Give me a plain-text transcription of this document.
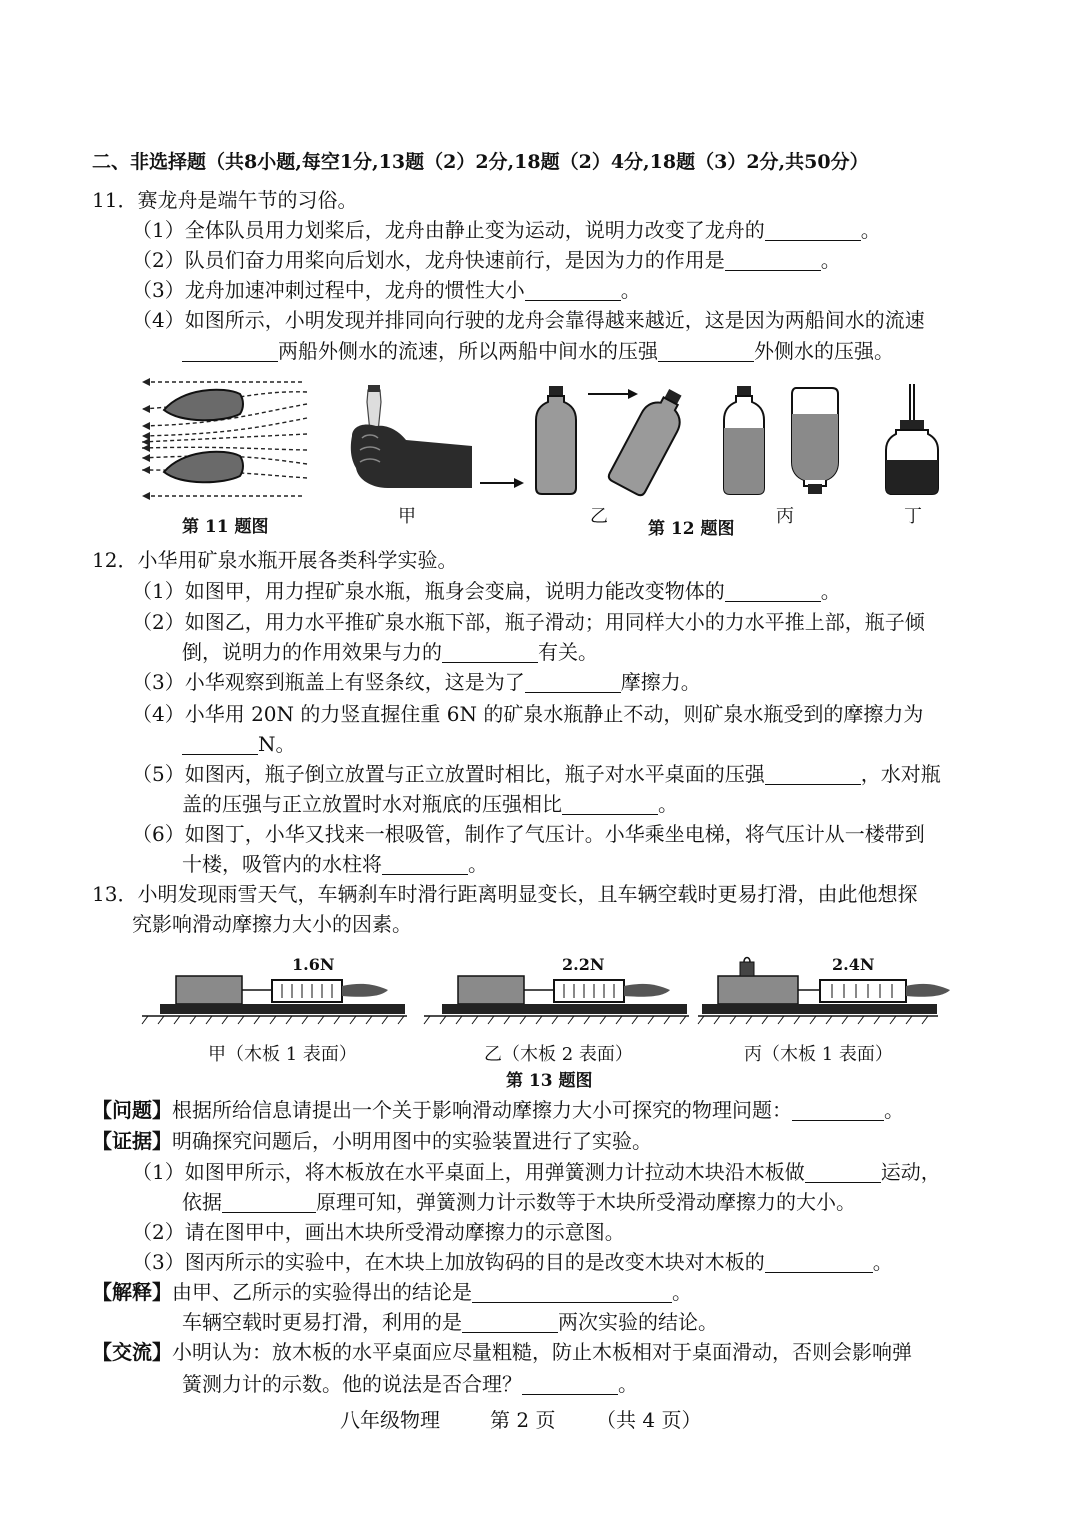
二、非选择题（共8小题,每空1分,13题（2）2分,18题（2）4分,18题（3）2分,共50分）
11．赛龙舟是端午节的习俗。
（1）全体队员用力划桨后，龙舟由静止变为运动，说明力改变了龙舟的	。
（2）队员们奋力用桨向后划水，龙舟快速前行，是因为力的作用是	。
（3）龙舟加速冲刺过程中，龙舟的惯性大小	。
（4）如图所示，小明发现并排同向行驶的龙舟会靠得越来越近，这是因为两船间水的流速
两船外侧水的流速，所以两船中间水的压强	外侧水的压强。
第 11 题图	甲	乙
第 12 题图
丙	丁
12．小华用矿泉水瓶开展各类科学实验。
（1）如图甲，用力捏矿泉水瓶，瓶身会变扁，说明力能改变物体的	。
（2）如图乙，用力水平推矿泉水瓶下部，瓶子滑动；用同样大小的力水平推上部，瓶子倾
倒，说明力的作用效果与力的	有关。
（3）小华观察到瓶盖上有竖条纹，这是为了	摩擦力。
（4）小华用 20N 的力竖直握住重 6N 的矿泉水瓶静止不动，则矿泉水瓶受到的摩擦力为
N。
（5）如图丙，瓶子倒立放置与正立放置时相比，瓶子对水平桌面的压强	，水对瓶
盖的压强与正立放置时水对瓶底的压强相比	。
（6）如图丁，小华又找来一根吸管，制作了气压计。小华乘坐电梯，将气压计从一楼带到
十楼，吸管内的水柱将	。
13．小明发现雨雪天气，车辆刹车时滑行距离明显变长，且车辆空载时更易打滑，由此他想探
究影响滑动摩擦力大小的因素。
1.6N	2.2N	2.4N
甲（木板 1 表面）	乙（木板 2 表面）	丙（木板 1 表面）
第 13 题图
【问题】根据所给信息请提出一个关于影响滑动摩擦力大小可探究的物理问题：	。
【证据】明确探究问题后，小明用图中的实验装置进行了实验。
（1）如图甲所示，将木板放在水平桌面上，用弹簧测力计拉动木块沿木板做	运动，
依据	原理可知，弹簧测力计示数等于木块所受滑动摩擦力的大小。
（2）请在图甲中，画出木块所受滑动摩擦力的示意图。
（3）图丙所示的实验中，在木块上加放钩码的目的是改变木块对木板的	。
【解释】由甲、乙所示的实验得出的结论是	。
车辆空载时更易打滑，利用的是	两次实验的结论。
【交流】小明认为：放木板的水平桌面应尽量粗糙，防止木板相对于桌面滑动，否则会影响弹
簧测力计的示数。他的说法是否合理？	。
八年级物理	第 2 页 （共 4 页）
